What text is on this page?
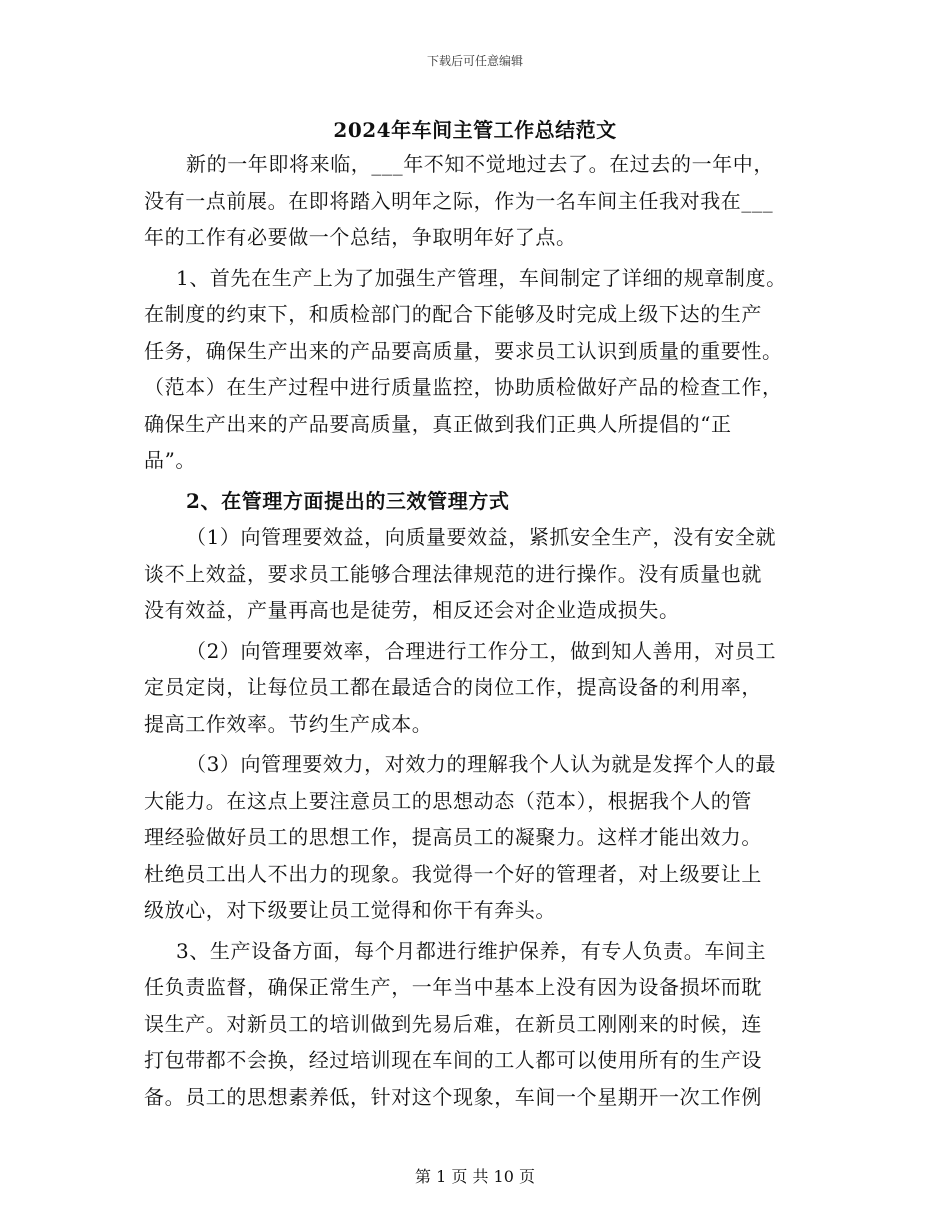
下载后可任意编辑
2024年车间主管工作总结范文
新的一年即将来临，___年不知不觉地过去了。在过去的一年中，
没有一点前展。在即将踏入明年之际，作为一名车间主任我对我在___
年的工作有必要做一个总结，争取明年好了点。
1、首先在生产上为了加强生产管理，车间制定了详细的规章制度。
在制度的约束下，和质检部门的配合下能够及时完成上级下达的生产
任务，确保生产出来的产品要高质量，要求员工认识到质量的重要性。
（范本）在生产过程中进行质量监控，协助质检做好产品的检查工作，
确保生产出来的产品要高质量，真正做到我们正典人所提倡的“正
品”。
2、在管理方面提出的三效管理方式
（1）向管理要效益，向质量要效益，紧抓安全生产，没有安全就
谈不上效益，要求员工能够合理法律规范的进行操作。没有质量也就
没有效益，产量再高也是徒劳，相反还会对企业造成损失。
（2）向管理要效率，合理进行工作分工，做到知人善用，对员工
定员定岗，让每位员工都在最适合的岗位工作，提高设备的利用率，
提高工作效率。节约生产成本。
（3）向管理要效力，对效力的理解我个人认为就是发挥个人的最
大能力。在这点上要注意员工的思想动态（范本），根据我个人的管
理经验做好员工的思想工作，提高员工的凝聚力。这样才能出效力。
杜绝员工出人不出力的现象。我觉得一个好的管理者，对上级要让上
级放心，对下级要让员工觉得和你干有奔头。
3、生产设备方面，每个月都进行维护保养，有专人负责。车间主
任负责监督，确保正常生产，一年当中基本上没有因为设备损坏而耽
误生产。对新员工的培训做到先易后难，在新员工刚刚来的时候，连
打包带都不会换，经过培训现在车间的工人都可以使用所有的生产设
备。员工的思想素养低，针对这个现象，车间一个星期开一次工作例
第 1 页 共 10 页
